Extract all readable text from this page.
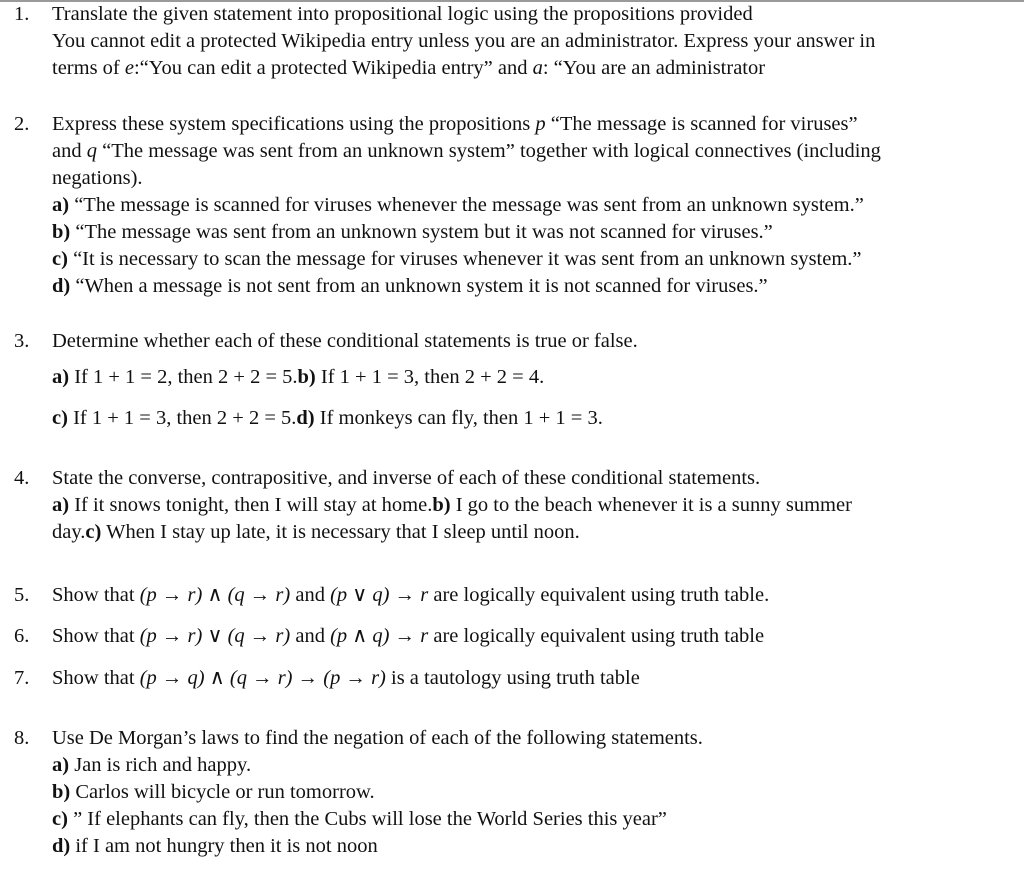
1.	Translate the given statement into propositional logic using the propositions provided
You cannot edit a protected Wikipedia entry unless you are an administrator. Express your answer in
terms of e:“You can edit a protected Wikipedia entry” and a: “You are an administrator
2.	Express these system specifications using the propositions p “The message is scanned for viruses”
and q “The message was sent from an unknown system” together with logical connectives (including
negations).
a) “The message is scanned for viruses whenever the message was sent from an unknown system.”
b) “The message was sent from an unknown system but it was not scanned for viruses.”
c) “It is necessary to scan the message for viruses whenever it was sent from an unknown system.”
d) “When a message is not sent from an unknown system it is not scanned for viruses.”
3.	Determine whether each of these conditional statements is true or false.
a) If 1 + 1 = 2, then 2 + 2 = 5.b) If 1 + 1 = 3, then 2 + 2 = 4.
c) If 1 + 1 = 3, then 2 + 2 = 5.d) If monkeys can fly, then 1 + 1 = 3.
4.	State the converse, contrapositive, and inverse of each of these conditional statements.
a) If it snows tonight, then I will stay at home.b) I go to the beach whenever it is a sunny summer
day.c) When I stay up late, it is necessary that I sleep until noon.
5.	Show that (p → r) ∧ (q → r) and (p ∨ q) → r are logically equivalent using truth table.
6.	Show that (p → r) ∨ (q → r) and (p ∧ q) → r are logically equivalent using truth table
7.	Show that (p → q) ∧ (q → r) → (p → r) is a tautology using truth table
8.	Use De Morgan’s laws to find the negation of each of the following statements.
a) Jan is rich and happy.
b) Carlos will bicycle or run tomorrow.
c) ” If elephants can fly, then the Cubs will lose the World Series this year”
d) if I am not hungry then it is not noon
